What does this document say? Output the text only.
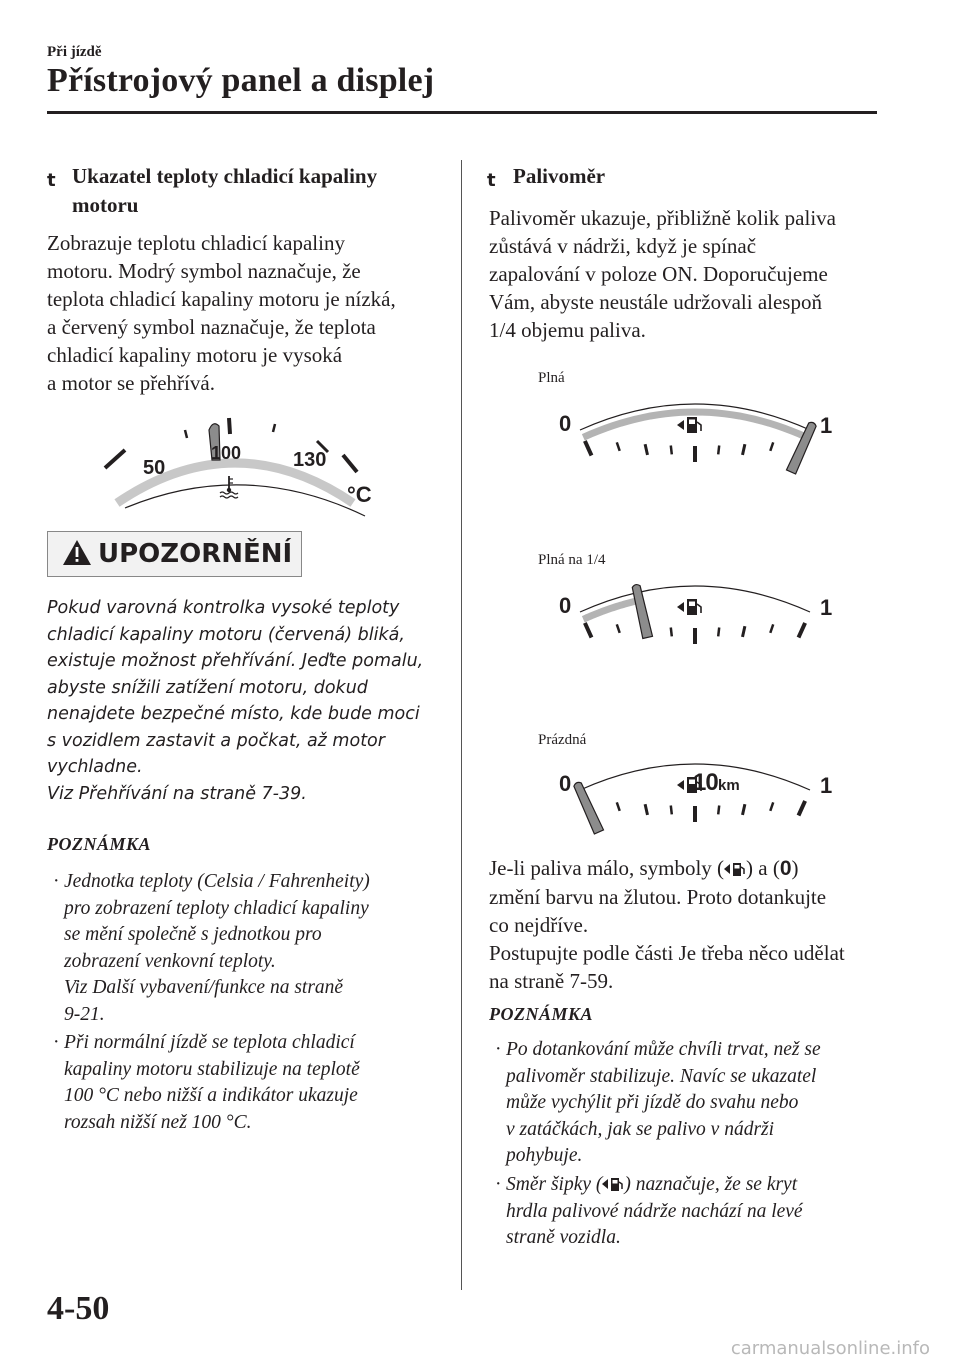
Při jízdě
Přístrojový panel a displej
t Ukazatel teploty chladicí kapaliny
motoru
Zobrazuje teplotu chladicí kapaliny
motoru. Modrý symbol naznačuje, že
teplota chladicí kapaliny motoru je nízká,
a červený symbol naznačuje, že teplota
chladicí kapaliny motoru je vysoká
a motor se přehřívá.
50
100	130
°C
UPOZORNĚNÍ
Pokud varovná kontrolka vysoké teploty
chladicí kapaliny motoru (červená) bliká,
existuje možnost přehřívání. Jeďte pomalu,
abyste snížili zatížení motoru, dokud
nenajdete bezpečné místo, kde bude moci
s vozidlem zastavit a počkat, až motor
vychladne.
Viz Přehřívání na straně 7-39.
POZNÁMKA
· Jednotka teploty (Celsia / Fahrenheity)
pro zobrazení teploty chladicí kapaliny
se mění společně s jednotkou pro
zobrazení venkovní teploty.
Viz Další vybavení/funkce na straně
9-21.
· Při normální jízdě se teplota chladicí
kapaliny motoru stabilizuje na teplotě
100 °C nebo nižší a indikátor ukazuje
rozsah nižší než 100 °C.
t Palivoměr
Palivoměr ukazuje, přibližně kolik paliva
zůstává v nádrži, když je spínač
zapalování v poloze ON. Doporučujeme
Vám, abyste neustále udržovali alespoň
1/4 objemu paliva.
Plná
Plná na 1/4
Prázdná
0	1
0	1
0	1
10 km
Je-li paliva málo, symboly ( ) a (0)
změní barvu na žlutou. Proto dotankujte
co nejdříve.
Postupujte podle části Je třeba něco udělat
na straně 7-59.
POZNÁMKA
· Po dotankování může chvíli trvat, než se
palivoměr stabilizuje. Navíc se ukazatel
může vychýlit při jízdě do svahu nebo
v zatáčkách, jak se palivo v nádrži
pohybuje.
· Směr šipky ( ) naznačuje, že se kryt
hrdla palivové nádrže nachází na levé
straně vozidla.
4-50
carmanualsonline.info
